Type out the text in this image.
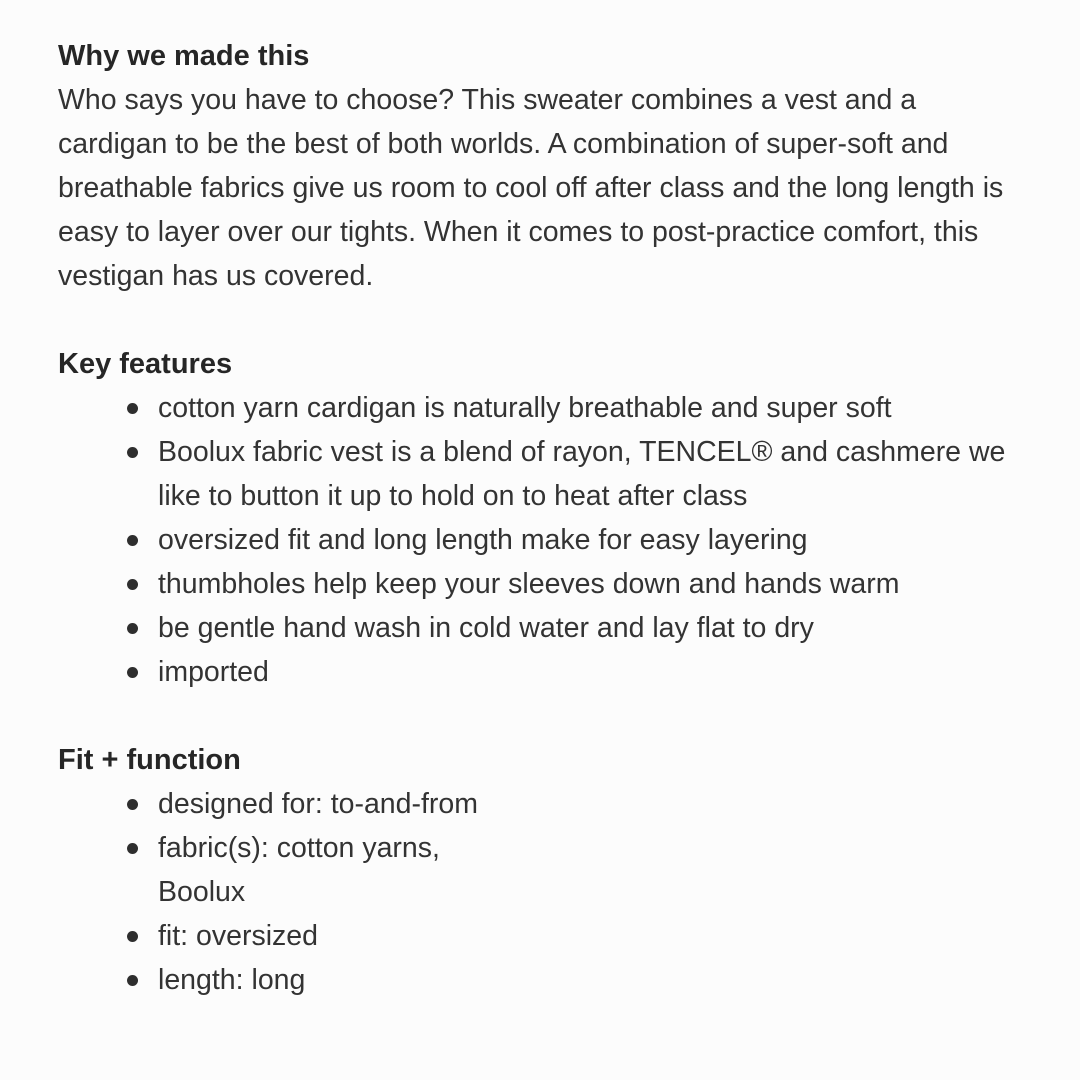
Why we made this

Who says you have to choose? This sweater combines a vest and a cardigan to be the best of both worlds. A combination of super-soft and breathable fabrics give us room to cool off after class and the long length is easy to layer over our tights. When it comes to post-practice comfort, this vestigan has us covered.

Key features
cotton yarn cardigan is naturally breathable and super soft
Boolux fabric vest is a blend of rayon, TENCEL® and cashmere we like to button it up to hold on to heat after class
oversized fit and long length make for easy layering
thumbholes help keep your sleeves down and hands warm
be gentle hand wash in cold water and lay flat to dry
imported
Fit + function
designed for: to-and-from
fabric(s): cotton yarns, Boolux
fit: oversized
length: long
